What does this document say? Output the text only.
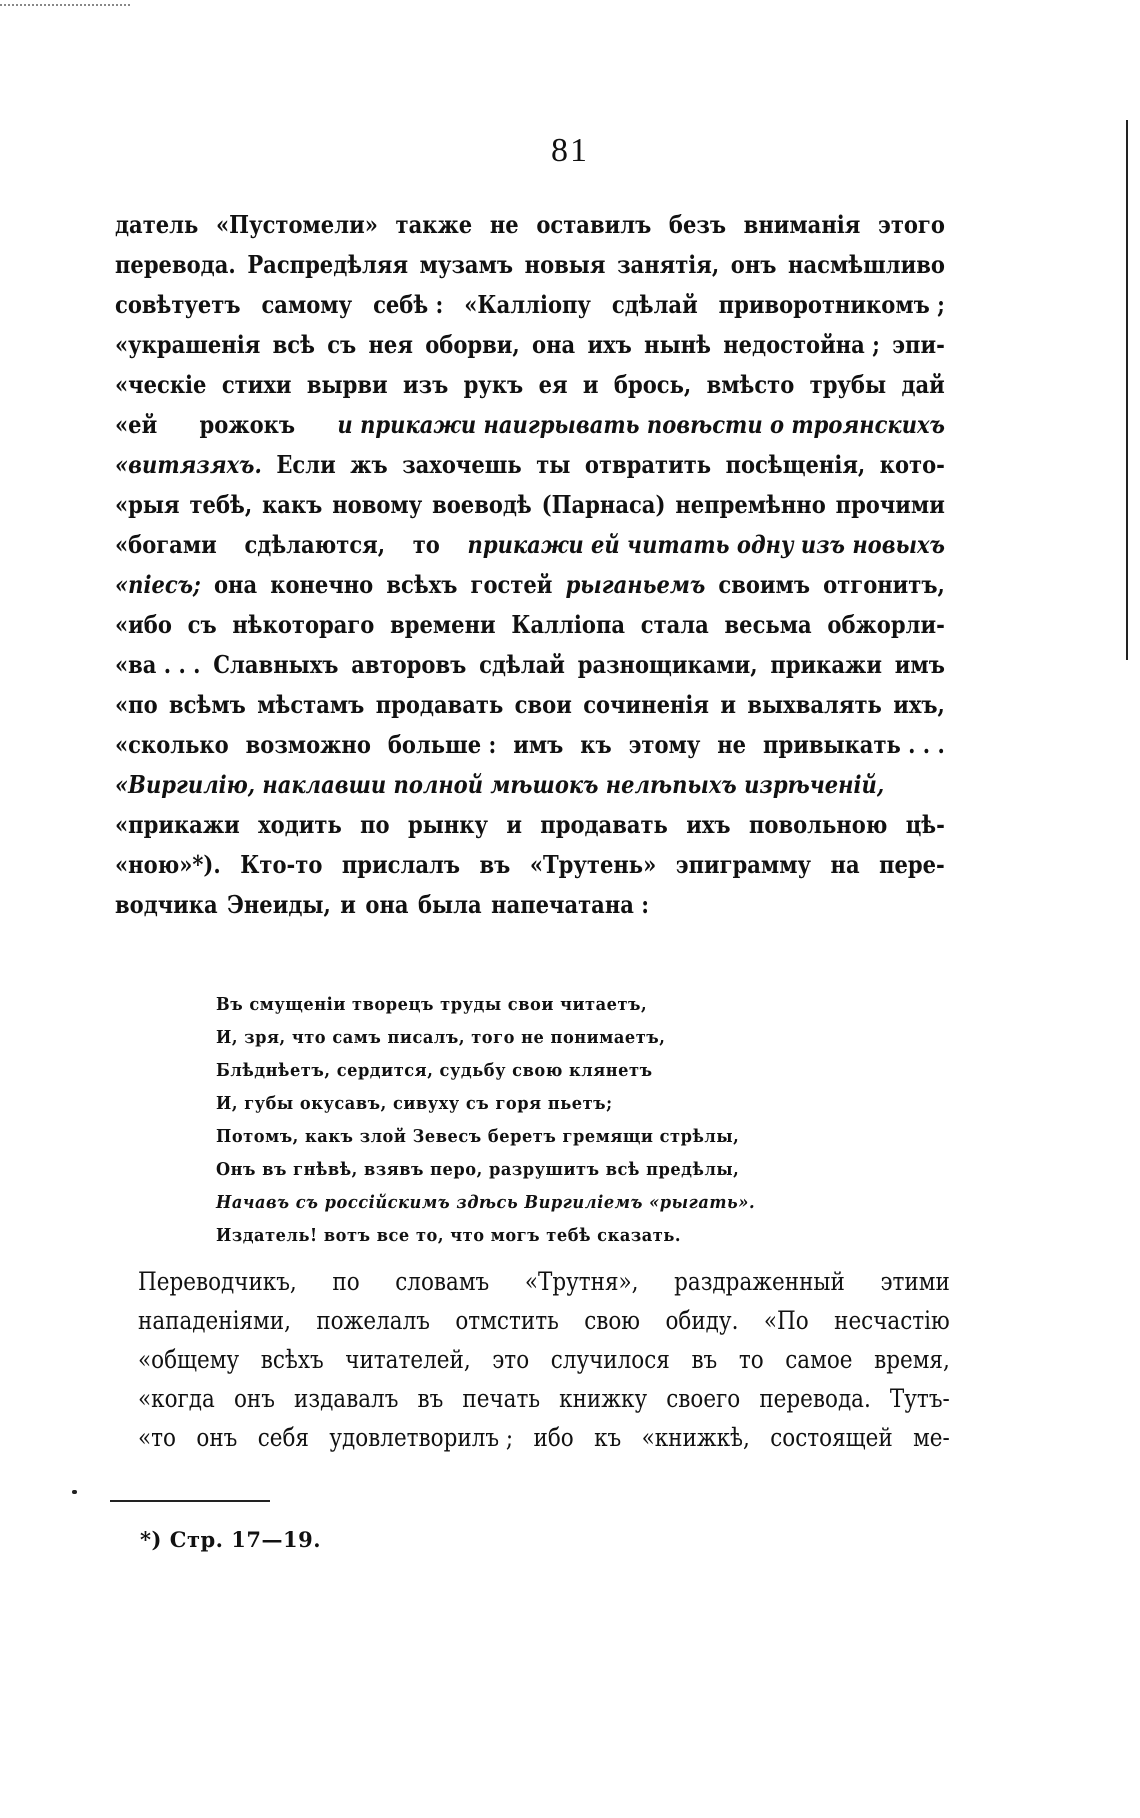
81
датель «Пустомели» также не оставилъ безъ вниманія этого
перевода. Распредѣляя музамъ новыя занятія, онъ насмѣшливо
совѣтуетъ самому себѣ : «Калліопу сдѣлай приворотникомъ ;
«украшенія всѣ съ нея оборви, она ихъ нынѣ недостойна ; эпи-
«ческіе стихи вырви изъ рукъ ея и брось, вмѣсто трубы дай
«ей рожокъ и прикажи наигрывать повѣсти о троянскихъ
«витязяхъ. Если жъ захочешь ты отвратить посѣщенія, кото-
«рыя тебѣ, какъ новому воеводѣ (Парнаса) непремѣнно прочими
«богами сдѣлаются, то прикажи ей читать одну изъ новыхъ
«піесъ; она конечно всѣхъ гостей рыганьемъ своимъ отгонитъ,
«ибо съ нѣкотораго времени Калліопа стала весьма обжорли-
«ва . . . Славныхъ авторовъ сдѣлай разнощиками, прикажи имъ
«по всѣмъ мѣстамъ продавать свои сочиненія и выхвалять ихъ,
«сколько возможно больше : имъ къ этому не привыкать . . .
«Виргилію, наклавши полной мѣшокъ нелѣпыхъ изрѣченій,
«прикажи ходить по рынку и продавать ихъ повольною цѣ-
«ною»*). Кто-то прислалъ въ «Трутень» эпиграмму на пере-
водчика Энеиды, и она была напечатана :
Въ смущеніи творецъ труды свои читаетъ,
И, зря, что самъ писалъ, того не понимаетъ,
Блѣднѣетъ, сердится, судьбу свою клянетъ
И, губы окусавъ, сивуху съ горя пьетъ;
Потомъ, какъ злой Зевесъ беретъ гремящи стрѣлы,
Онъ въ гнѣвѣ, взявъ перо, разрушитъ всѣ предѣлы,
Начавъ съ россійскимъ здѣсь Виргиліемъ «рыгать».
Издатель! вотъ все то, что могъ тебѣ сказать.
Переводчикъ, по словамъ «Трутня», раздраженный этими
нападеніями, пожелалъ отмстить свою обиду. «По несчастію
«общему всѣхъ читателей, это случилося въ то самое время,
«когда онъ издавалъ въ печать книжку своего перевода. Тутъ-
«то онъ себя удовлетворилъ ; ибо къ «книжкѣ, состоящей ме-
*) Стр. 17—19.
